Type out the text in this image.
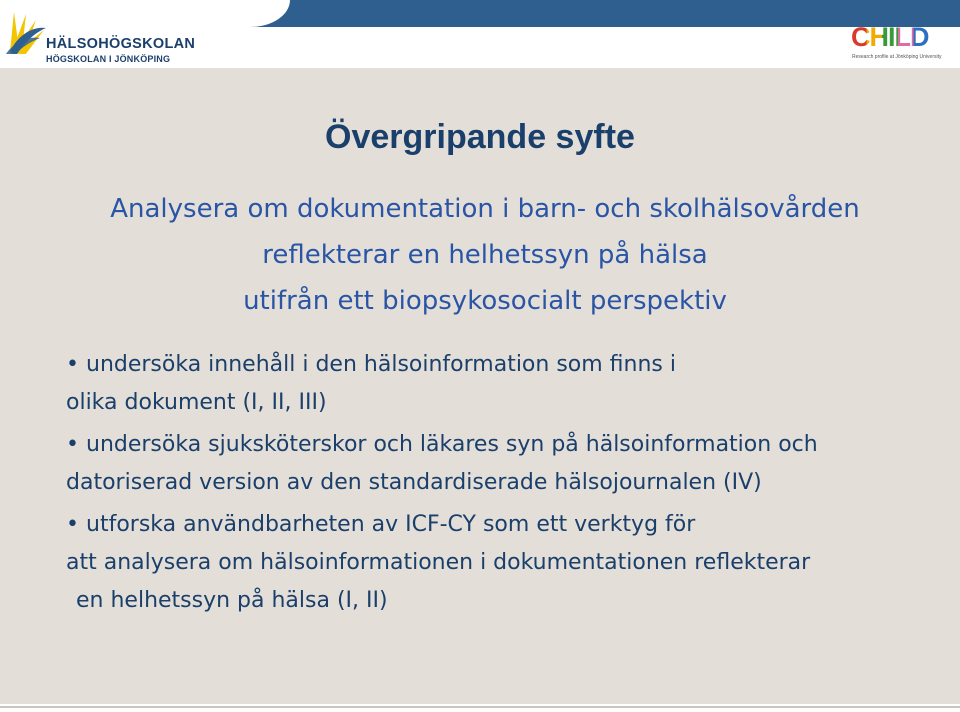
HÄLSOHÖGSKOLAN
HÖGSKOLAN I JÖNKÖPING
CHILD
Research profile at Jönköping University
Övergripande syfte
Analysera om dokumentation i barn- och skolhälsovården
reflekterar en helhetssyn på hälsa
utifrån ett biopsykosocialt perspektiv
• undersöka innehåll i den hälsoinformation som finns i
olika dokument (I, II, III)
• undersöka sjuksköterskor och läkares syn på hälsoinformation och
datoriserad version av den standardiserade hälsojournalen (IV)
• utforska användbarheten av ICF-CY som ett verktyg för
att analysera om hälsoinformationen i dokumentationen reflekterar
en helhetssyn på hälsa (I, II)
